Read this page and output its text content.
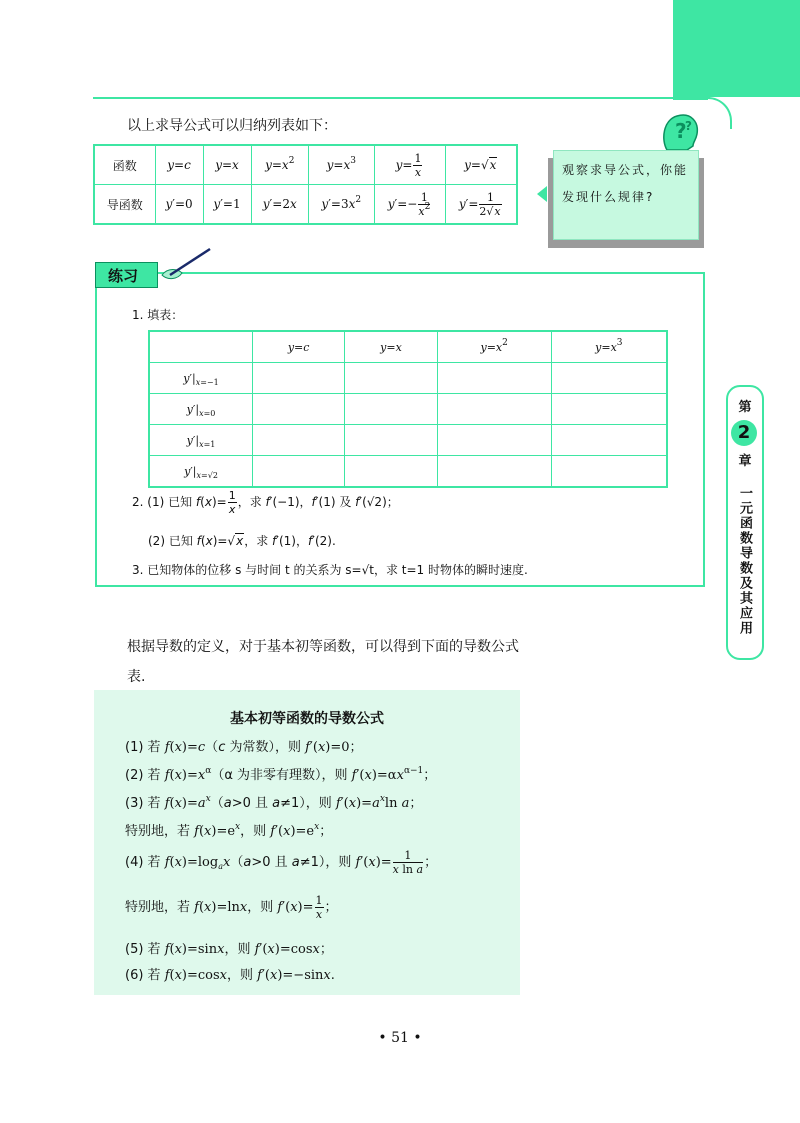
以上求导公式可以归纳列表如下：
函数	y=c	y=x	$y=x^2$	$y=x^3$	$y= \frac{1}{x}$	y=√x
导函数	y′=0	y′=1	y′=2x	$y'=3x^2$	$y'=- \frac{1}{x^2}$	$y'= \frac{1}{2√x}$
?
?
观察求导公式，你能发现什么规律?
练习
1. 填表：
	y=c	y=x	$y=x^2$	$y=x^3$
$y'|_{x=-1}$				
$y'|_{x=0}$				
$y'|_{x=1}$				
$y'|_{x=√2}$				
2. (1) 已知 $f(x)= \frac{1}{x}$ ，求 f′(−1)，f′(1) 及 f′(√2)；
(2) 已知 f(x)=√x，求 f′(1)，f′(2).
3. 已知物体的位移 s 与时间 t 的关系为 s=√t，求 t=1 时物体的瞬时速度.
第
2
章
一元函数导数及其应用
根据导数的定义，对于基本初等函数，可以得到下面的导数公式表.
基本初等函数的导数公式
(1) 若 f(x)=c（c 为常数），则 f′(x)=0；
(2) 若 $f(x)=x^\alpha(\alpha$ 为非零有理数），则 $f'(x)=\alpha x^{\alpha-1}$；
(3) 若 $f(x)=a^x(a>0$ 且 a≠1），则 $f'(x)=a^x\ln$ a；
特别地，若 $f(x)=e^x$，则 $f'(x)=e^x$；
(4) 若 $f(x)=\log_ax(a>0$ 且 a≠1），则 $f'(x)= \frac{1}{\text{x ln a}}$ ；
特别地，若 f(x)=lnx，则 $f'(x)= \frac{1}{x}$ ；
(5) 若 f(x)=sinx，则 f′(x)=cosx；
(6) 若 f(x)=cosx，则 f′(x)=−sinx.
• 51 •
